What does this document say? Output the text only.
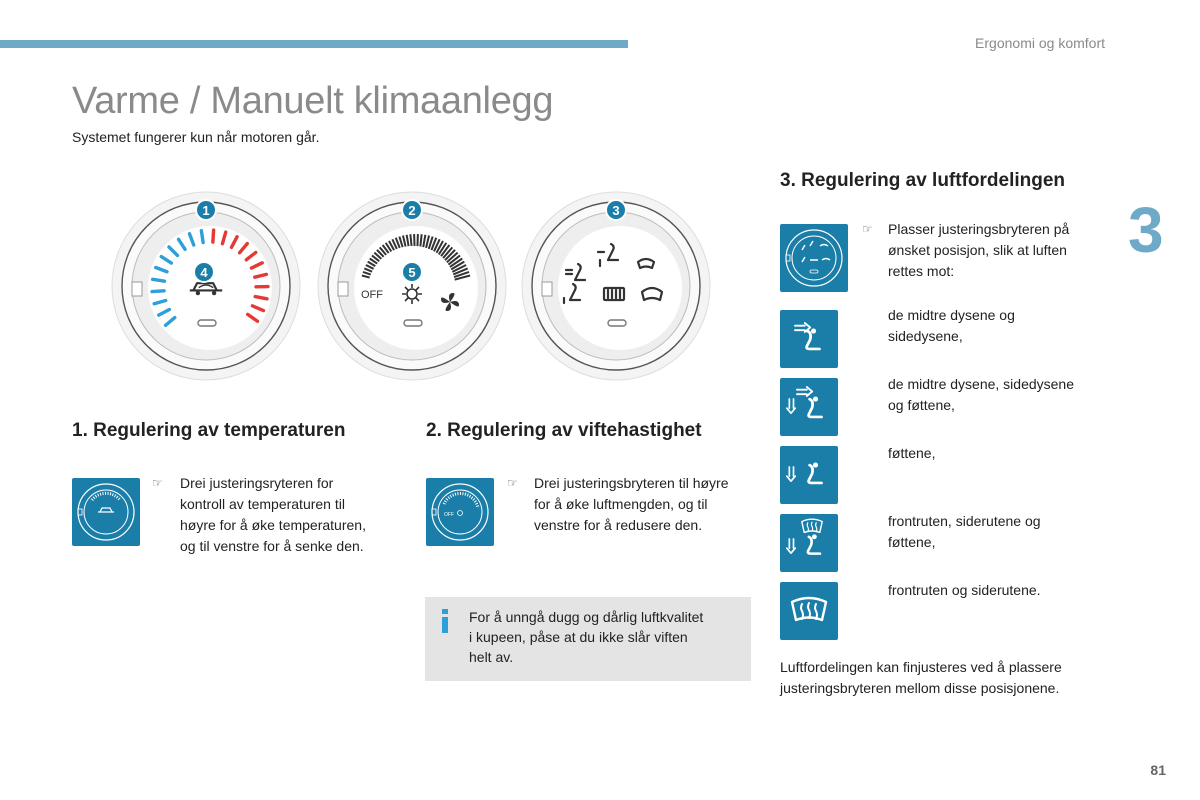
Ergonomi og komfort
3
Varme / Manuelt klimaanlegg
Systemet fungerer kun når motoren går.
1
4
OFF
2
5
3
1. Regulering av temperaturen
☞ Drei justeringsryteren for
kontroll av temperaturen til
høyre for å øke temperaturen,
og til venstre for å senke den.
2. Regulering av viftehastighet
OFF
☞ Drei justeringsbryteren til høyre
for å øke luftmengden, og til
venstre for å redusere den.
For å unngå dugg og dårlig luftkvalitet
i kupeen, påse at du ikke slår viften
helt av.
3. Regulering av luftfordelingen
☞ Plasser justeringsbryteren på
ønsket posisjon, slik at luften
rettes mot:
de midtre dysene og
sidedysene,
de midtre dysene, sidedysene
og føttene,
føttene,
frontruten, siderutene og
føttene,
frontruten og siderutene.
Luftfordelingen kan finjusteres ved å plassere
justeringsbryteren mellom disse posisjonene.
81
